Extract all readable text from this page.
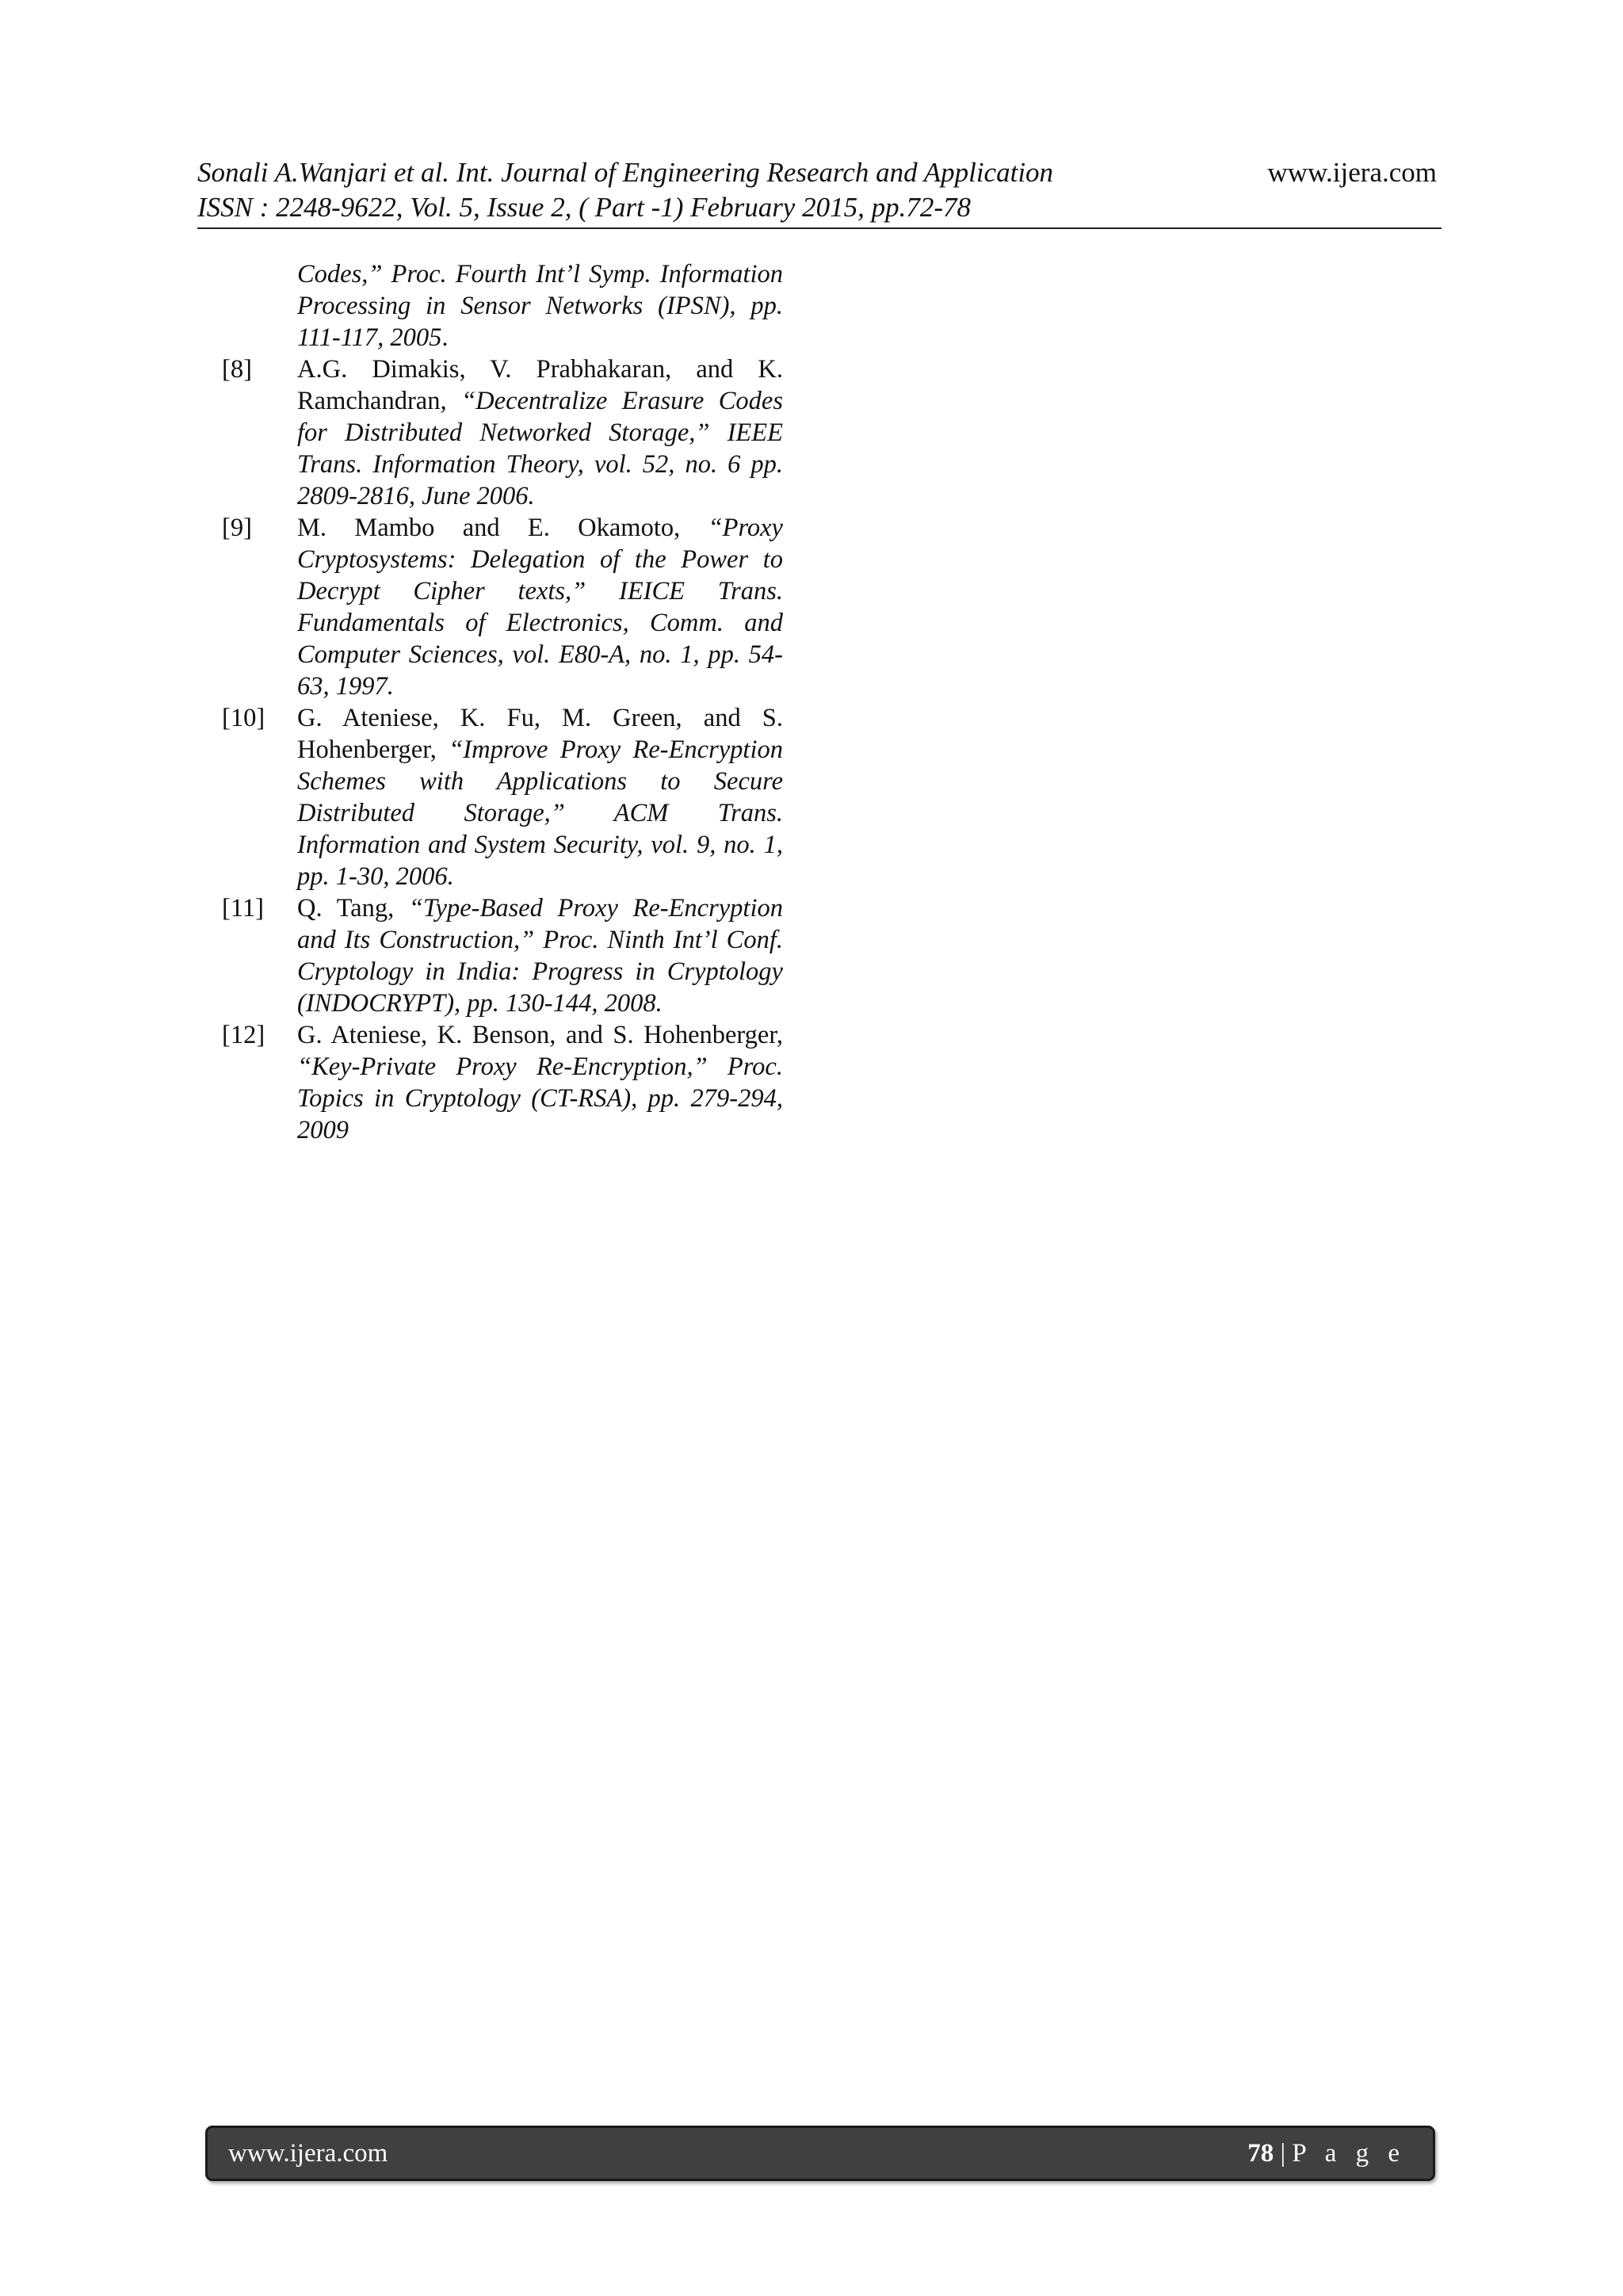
Sonali A.Wanjari et al. Int. Journal of Engineering Research and Application
ISSN : 2248-9622, Vol. 5, Issue 2, ( Part -1) February 2015, pp.72-78
www.ijera.com
Codes,” Proc. Fourth Int’l Symp. Information Processing in Sensor Networks (IPSN), pp. 111-117, 2005.
[8]	A.G. Dimakis, V. Prabhakaran, and K. Ramchandran, “Decentralize Erasure Codes for Distributed Networked Storage,” IEEE Trans. Information Theory, vol. 52, no. 6 pp. 2809-2816, June 2006.
[9]	M. Mambo and E. Okamoto, “Proxy Cryptosystems: Delegation of the Power to Decrypt Cipher texts,” IEICE Trans. Fundamentals of Electronics, Comm. and Computer Sciences, vol. E80-A, no. 1, pp. 54-63, 1997.
[10]	G. Ateniese, K. Fu, M. Green, and S. Hohenberger, “Improve Proxy Re-Encryption Schemes with Applications to Secure Distributed Storage,” ACM Trans. Information and System Security, vol. 9, no. 1, pp. 1-30, 2006.
[11]	Q. Tang, “Type-Based Proxy Re-Encryption and Its Construction,” Proc. Ninth Int’l Conf. Cryptology in India: Progress in Cryptology (INDOCRYPT), pp. 130-144, 2008.
[12]	G. Ateniese, K. Benson, and S. Hohenberger, “Key-Private Proxy Re-Encryption,” Proc. Topics in Cryptology (CT-RSA), pp. 279-294, 2009
www.ijera.com	78 | P a g e
